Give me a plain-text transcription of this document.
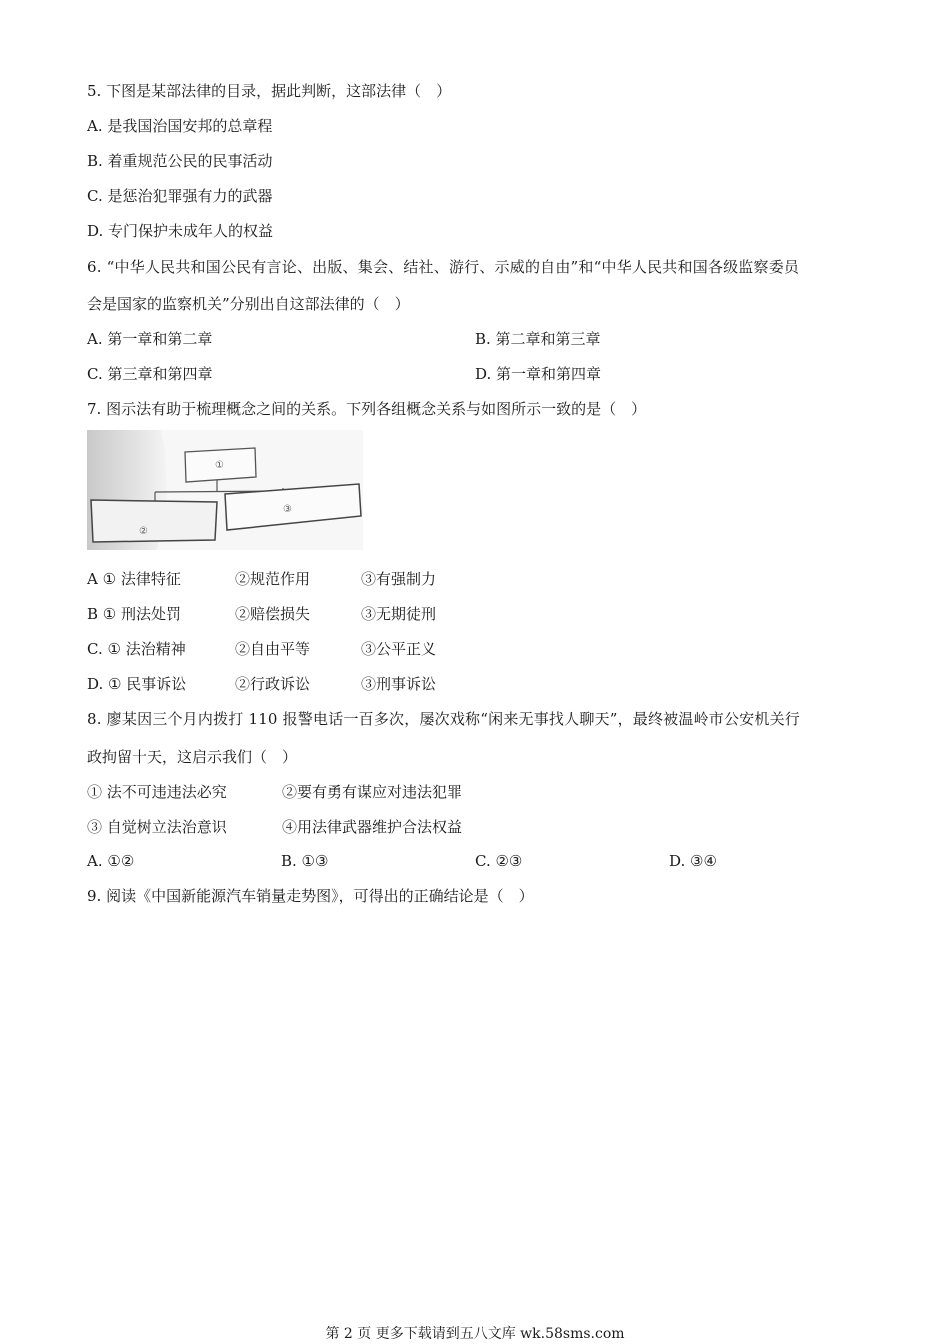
5. 下图是某部法律的目录，据此判断，这部法律（　）
A. 是我国治国安邦的总章程
B. 着重规范公民的民事活动
C. 是惩治犯罪强有力的武器
D. 专门保护未成年人的权益
6. “中华人民共和国公民有言论、出版、集会、结社、游行、示威的自由”和“中华人民共和国各级监察委员
会是国家的监察机关”分别出自这部法律的（　）
A. 第一章和第二章	B. 第二章和第三章
C. 第三章和第四章	D. 第一章和第四章
7. 图示法有助于梳理概念之间的关系。下列各组概念关系与如图所示一致的是（　）
①
②
③
A ① 法律特征	②规范作用	③有强制力
B ① 刑法处罚	②赔偿损失	③无期徒刑
C. ① 法治精神	②自由平等	③公平正义
D. ① 民事诉讼	②行政诉讼	③刑事诉讼
8. 廖某因三个月内拨打 110 报警电话一百多次，屡次戏称“闲来无事找人聊天”，最终被温岭市公安机关行
政拘留十天，这启示我们（　）
① 法不可违违法必究	②要有勇有谋应对违法犯罪
③ 自觉树立法治意识	④用法律武器维护合法权益
A. ①②	B. ①③	C. ②③	D. ③④
9. 阅读《中国新能源汽车销量走势图》，可得出的正确结论是（　）
第 2 页 更多下载请到五八文库 wk.58sms.com
